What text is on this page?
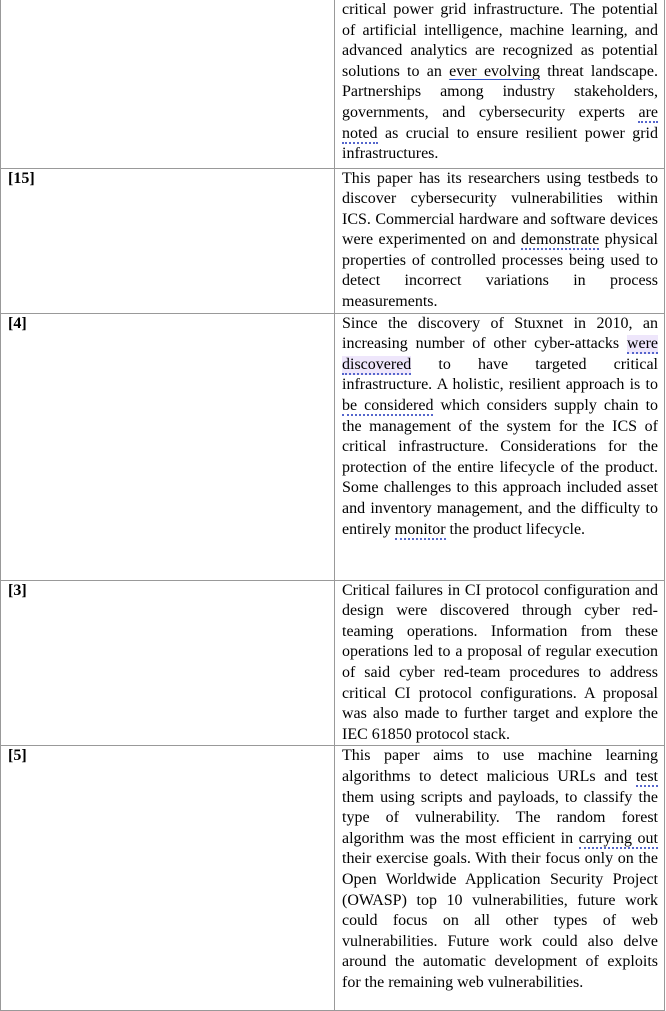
	critical power grid infrastructure. The potential of artificial intelligence, machine learning, and advanced analytics are recognized as potential solutions to an ever evolving threat landscape. Partnerships among industry stakeholders, governments, and cybersecurity experts are noted as crucial to ensure resilient power grid infrastructures.
[15]	This paper has its researchers using testbeds to discover cybersecurity vulnerabilities within ICS. Commercial hardware and software devices were experimented on and demonstrate physical properties of controlled processes being used to detect incorrect variations in process measurements.
[4]	Since the discovery of Stuxnet in 2010, an increasing number of other cyber-attacks were discovered to have targeted critical infrastructure. A holistic, resilient approach is to be considered which considers supply chain to the management of the system for the ICS of critical infrastructure. Considerations for the protection of the entire lifecycle of the product. Some challenges to this approach included asset and inventory management, and the difficulty to entirely monitor the product lifecycle.
[3]	Critical failures in CI protocol configuration and design were discovered through cyber red-teaming operations. Information from these operations led to a proposal of regular execution of said cyber red-team procedures to address critical CI protocol configurations. A proposal was also made to further target and explore the IEC 61850 protocol stack.
[5]	This paper aims to use machine learning algorithms to detect malicious URLs and test them using scripts and payloads, to classify the type of vulnerability. The random forest algorithm was the most efficient in carrying out their exercise goals. With their focus only on the Open Worldwide Application Security Project (OWASP) top 10 vulnerabilities, future work could focus on all other types of web vulnerabilities. Future work could also delve around the automatic development of exploits for the remaining web vulnerabilities.
